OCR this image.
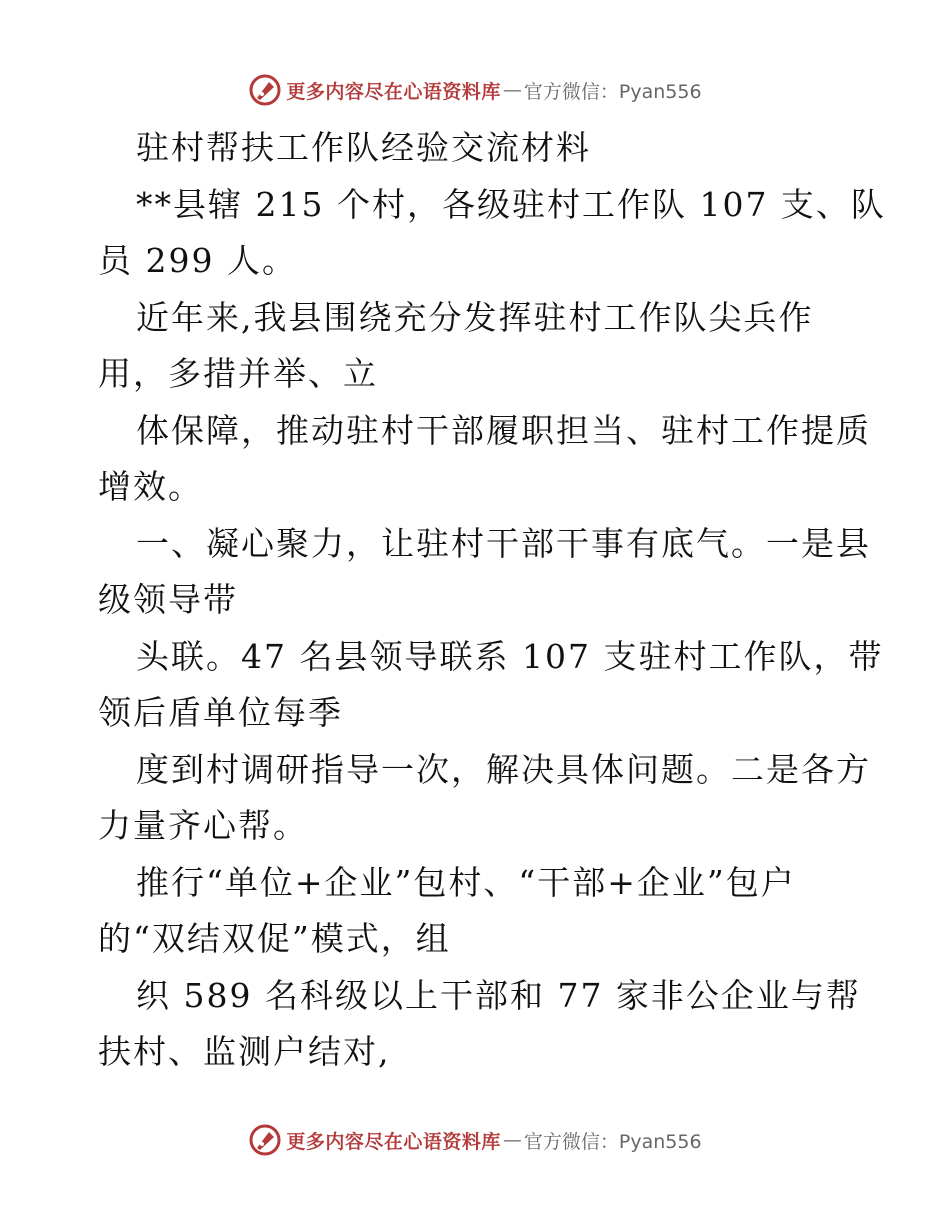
更多内容尽在心语资料库 — 官方微信：Pyan556
驻村帮扶工作队经验交流材料
**县辖 215 个村，各级驻村工作队 107 支、队
员 299 人。
近年来,我县围绕充分发挥驻村工作队尖兵作
用，多措并举、立
体保障，推动驻村干部履职担当、驻村工作提质
增效。
一、凝心聚力，让驻村干部干事有底气。一是县
级领导带
头联。47 名县领导联系 107 支驻村工作队，带
领后盾单位每季
度到村调研指导一次，解决具体问题。二是各方
力量齐心帮。
推行“单位+企业”包村、“干部+企业”包户
的“双结双促”模式，组
织 589 名科级以上干部和 77 家非公企业与帮
扶村、监测户结对,
更多内容尽在心语资料库 — 官方微信：Pyan556
